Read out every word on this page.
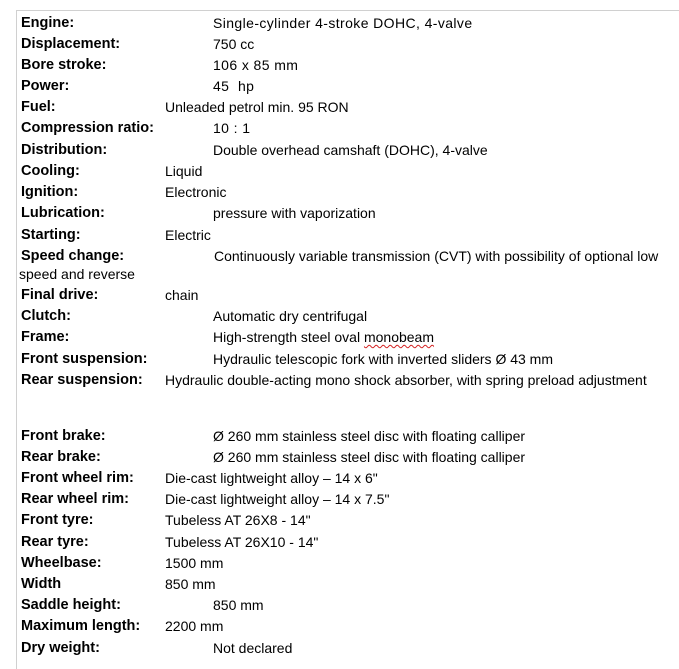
Engine:	Single-cylinder 4-stroke DOHC, 4-valve
Displacement:	750 cc
Bore stroke:	106 x 85 mm
Power:	45  hp
Fuel:	Unleaded petrol min. 95 RON
Compression ratio:	10 : 1
Distribution:	Double overhead camshaft (DOHC), 4-valve
Cooling:	Liquid
Ignition:	Electronic
Lubrication:	pressure with vaporization
Starting:	Electric
Speed change:	Continuously variable transmission (CVT) with possibility of optional low speed and reverse
Final drive:	chain
Clutch:	Automatic dry centrifugal
Frame:	High-strength steel oval monobeam
Front suspension:	Hydraulic telescopic fork with inverted sliders Ø 43 mm
Rear suspension: Hydraulic double-acting mono shock absorber, with spring preload adjustment
Front brake:	Ø 260 mm stainless steel disc with floating calliper
Rear brake:	Ø 260 mm stainless steel disc with floating calliper
Front wheel rim: Die-cast lightweight alloy – 14 x 6"
Rear wheel rim:	Die-cast lightweight alloy – 14 x 7.5"
Front tyre:	Tubeless AT 26X8 - 14"
Rear tyre:	Tubeless AT 26X10 - 14"
Wheelbase:	1500 mm
Width	850 mm
Saddle height:	850 mm
Maximum length: 2200 mm
Dry weight:	Not declared
